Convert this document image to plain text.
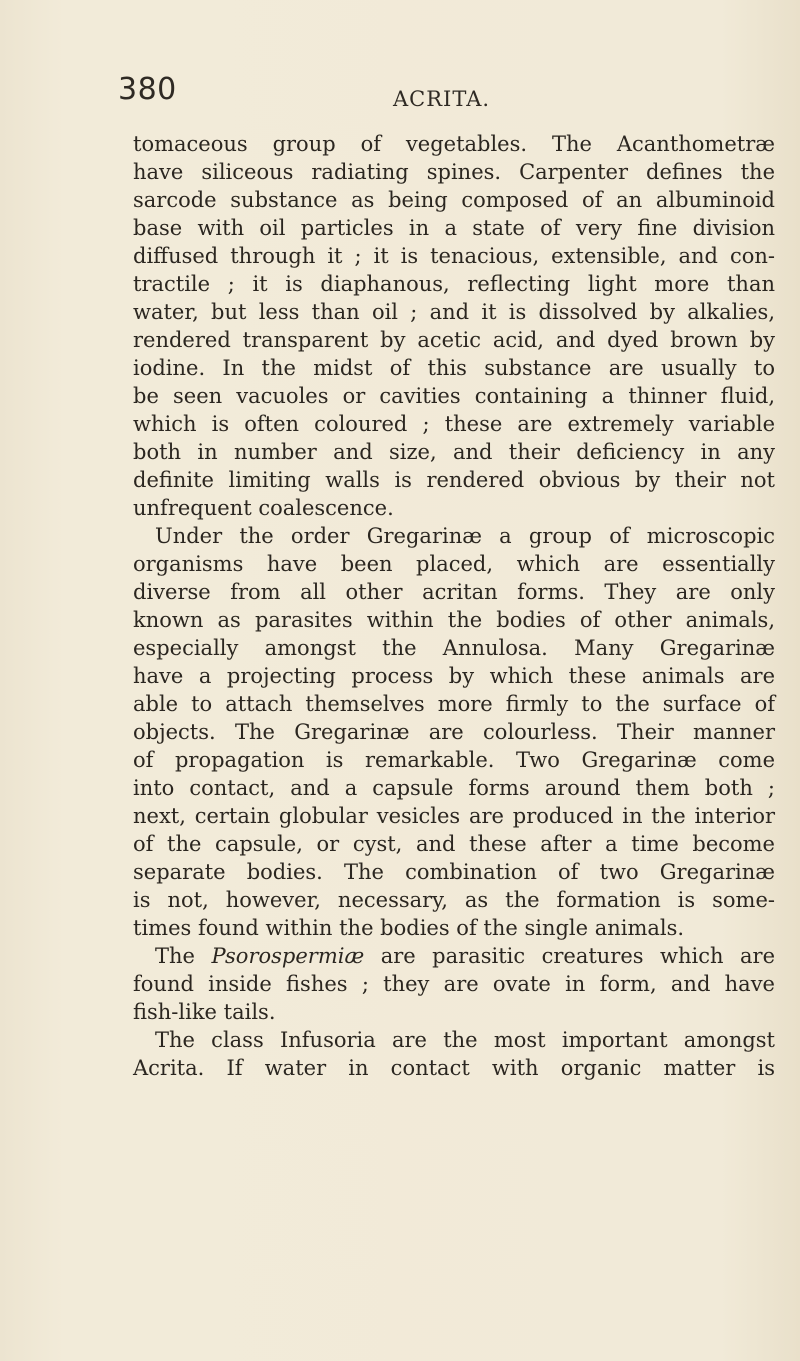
380	ACRITA.
tomaceous group of vegetables. The Acanthometræ
have siliceous radiating spines. Carpenter defines the
sarcode substance as being composed of an albuminoid
base with oil particles in a state of very fine division
diffused through it ; it is tenacious, extensible, and con-
tractile ; it is diaphanous, reflecting light more than
water, but less than oil ; and it is dissolved by alkalies,
rendered transparent by acetic acid, and dyed brown by
iodine. In the midst of this substance are usually to
be seen vacuoles or cavities containing a thinner fluid,
which is often coloured ; these are extremely variable
both in number and size, and their deficiency in any
definite limiting walls is rendered obvious by their not
unfrequent coalescence.
Under the order Gregarinæ a group of microscopic
organisms have been placed, which are essentially
diverse from all other acritan forms. They are only
known as parasites within the bodies of other animals,
especially amongst the Annulosa. Many Gregarinæ
have a projecting process by which these animals are
able to attach themselves more firmly to the surface of
objects. The Gregarinæ are colourless. Their manner
of propagation is remarkable. Two Gregarinæ come
into contact, and a capsule forms around them both ;
next, certain globular vesicles are produced in the interior
of the capsule, or cyst, and these after a time become
separate bodies. The combination of two Gregarinæ
is not, however, necessary, as the formation is some-
times found within the bodies of the single animals.
The Psorospermiæ are parasitic creatures which are
found inside fishes ; they are ovate in form, and have
fish-like tails.
The class Infusoria are the most important amongst
Acrita. If water in contact with organic matter is
